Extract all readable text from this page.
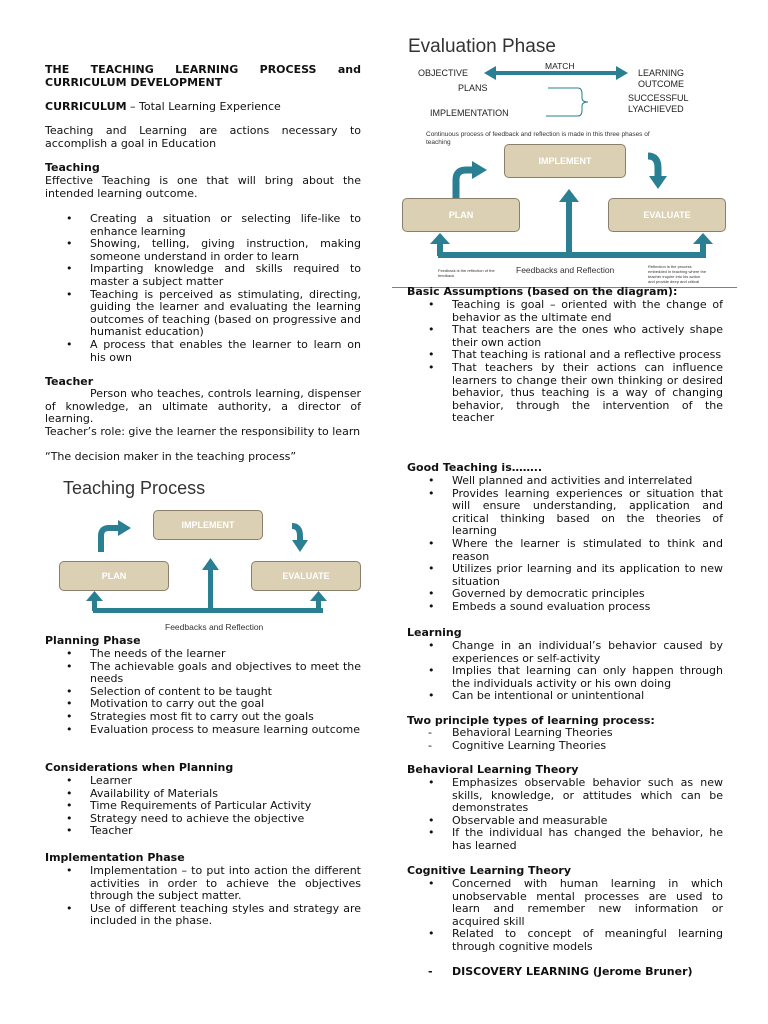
THE TEACHING LEARNING PROCESS and

CURRICULUM DEVELOPMENT

CURRICULUM – Total Learning Experience

Teaching and Learning are actions necessary to accomplish a goal in Education

Teaching

Effective Teaching is one that will bring about the intended learning outcome.

• Creating a situation or selecting life-like to enhance learning
• Showing, telling, giving instruction, making someone understand in order to learn
• Imparting knowledge and skills required to master a subject matter
• Teaching is perceived as stimulating, directing, guiding the learner and evaluating the learning outcomes of teaching (based on progressive and humanist education)
• A process that enables the learner to learn on his own

Teacher

Person who teaches, controls learning, dispenser of knowledge, an ultimate authority, a director of learning.

Teacher’s role: give the learner the responsibility to learn

“The decision maker in the teaching process”

Teaching Process
IMPLEMENT
PLAN	EVALUATE
Feedbacks and Reflection

Planning Phase

• The needs of the learner
• The achievable goals and objectives to meet the needs
• Selection of content to be taught
• Motivation to carry out the goal
• Strategies most fit to carry out the goals
• Evaluation process to measure learning outcome

Considerations when Planning

• Learner
• Availability of Materials
• Time Requirements of Particular Activity
• Strategy need to achieve the objective
• Teacher

Implementation Phase

• Implementation – to put into action the different activities in order to achieve the objectives through the subject matter.
• Use of different teaching styles and strategy are included in the phase.
Evaluation Phase
OBJECTIVE
MATCH
LEARNING
OUTCOME
PLANS
IMPLEMENTATION
SUCCESSFUL
LYACHIEVED
Continuous process of feedback and reflection is made in this three phases of
teaching
IMPLEMENT
PLAN	EVALUATE
Feedbacks and Reflection
Feedback is the reflection of the
feedback
Reflection is the process
embedded in teaching where the
teacher inquire into his action
and provide deep and critical

Basic Assumptions (based on the diagram):

• Teaching is goal – oriented with the change of behavior as the ultimate end
• That teachers are the ones who actively shape their own action
• That teaching is rational and a reflective process
• That teachers by their actions can influence learners to change their own thinking or desired behavior, thus teaching is a way of changing behavior, through the intervention of the teacher

Good Teaching is……..

• Well planned and activities and interrelated
• Provides learning experiences or situation that will ensure understanding, application and critical thinking based on the theories of learning
• Where the learner is stimulated to think and reason
• Utilizes prior learning and its application to new situation
• Governed by democratic principles
• Embeds a sound evaluation process

Learning

• Change in an individual’s behavior caused by experiences or self-activity
• Implies that learning can only happen through the individuals activity or his own doing
• Can be intentional or unintentional

Two principle types of learning process:

- Behavioral Learning Theories
- Cognitive Learning Theories

Behavioral Learning Theory

• Emphasizes observable behavior such as new skills, knowledge, or attitudes which can be demonstrates
• Observable and measurable
• If the individual has changed the behavior, he has learned

Cognitive Learning Theory

• Concerned with human learning in which unobservable mental processes are used to learn and remember new information or acquired skill
• Related to concept of meaningful learning through cognitive models
- DISCOVERY LEARNING (Jerome Bruner)
